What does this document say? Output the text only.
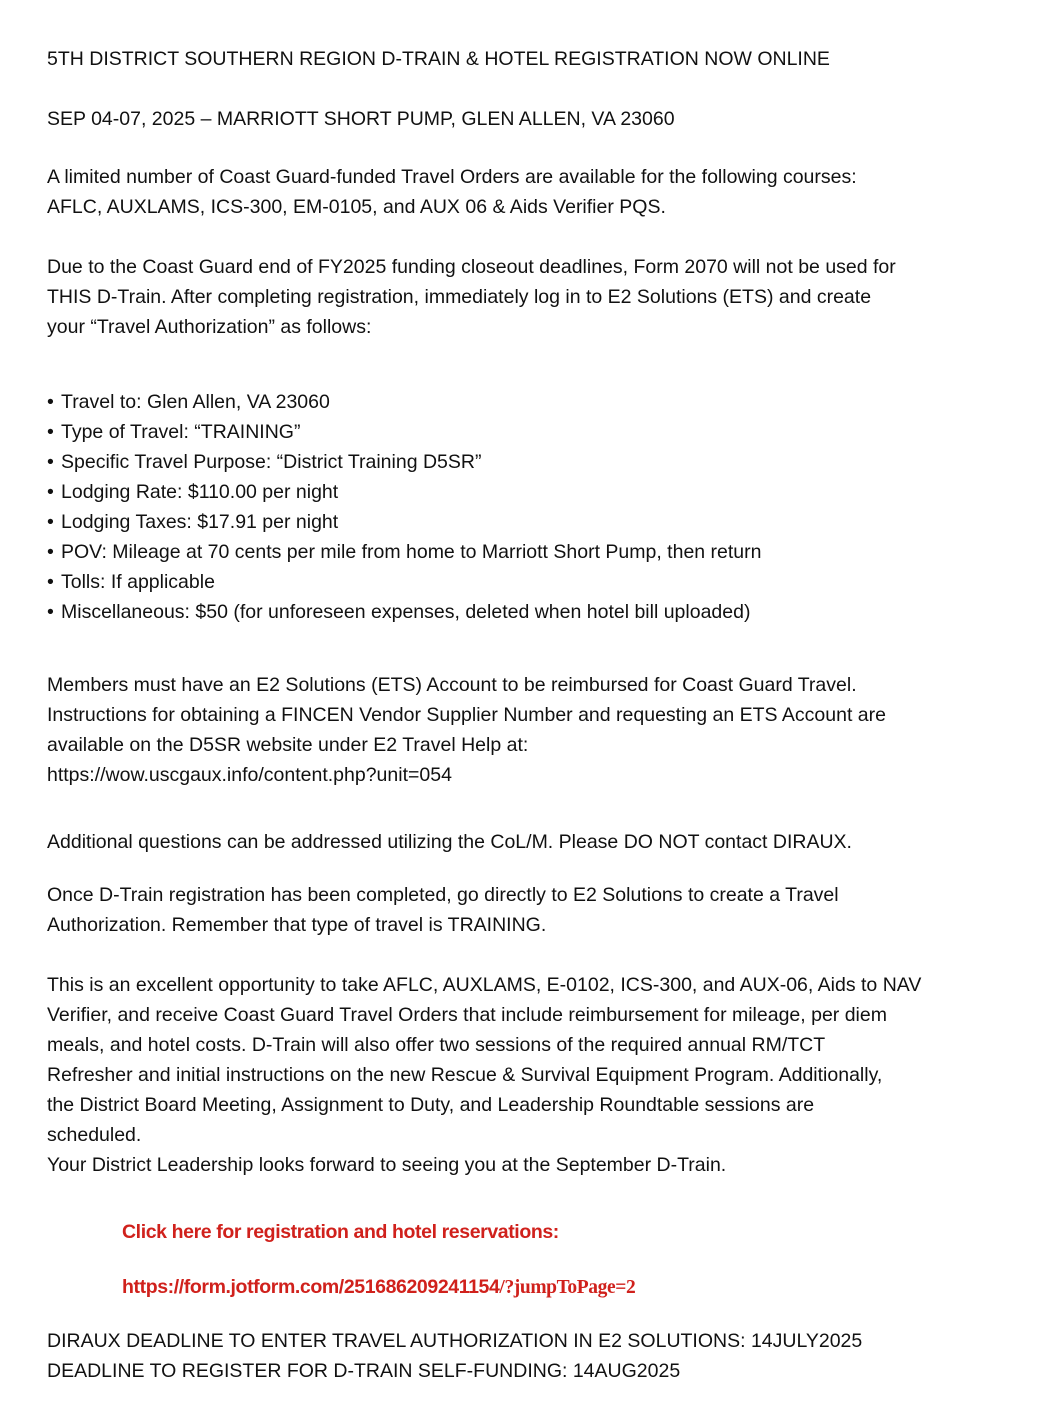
5TH DISTRICT SOUTHERN REGION D-TRAIN & HOTEL REGISTRATION NOW ONLINE

SEP 04-07, 2025 – MARRIOTT SHORT PUMP, GLEN ALLEN, VA 23060

A limited number of Coast Guard-funded Travel Orders are available for the following courses:
AFLC, AUXLAMS, ICS-300, EM-0105, and AUX 06 & Aids Verifier PQS.

Due to the Coast Guard end of FY2025 funding closeout deadlines, Form 2070 will not be used for
THIS D-Train. After completing registration, immediately log in to E2 Solutions (ETS) and create
your “Travel Authorization” as follows:

• Travel to: Glen Allen, VA 23060
• Type of Travel: “TRAINING”
• Specific Travel Purpose: “District Training D5SR”
• Lodging Rate: $110.00 per night
• Lodging Taxes: $17.91 per night
• POV: Mileage at 70 cents per mile from home to Marriott Short Pump, then return
• Tolls: If applicable
• Miscellaneous: $50 (for unforeseen expenses, deleted when hotel bill uploaded)

Members must have an E2 Solutions (ETS) Account to be reimbursed for Coast Guard Travel.
Instructions for obtaining a FINCEN Vendor Supplier Number and requesting an ETS Account are
available on the D5SR website under E2 Travel Help at:
https://wow.uscgaux.info/content.php?unit=054

Additional questions can be addressed utilizing the CoL/M. Please DO NOT contact DIRAUX.

Once D-Train registration has been completed, go directly to E2 Solutions to create a Travel
Authorization. Remember that type of travel is TRAINING.

This is an excellent opportunity to take AFLC, AUXLAMS, E-0102, ICS-300, and AUX-06, Aids to NAV
Verifier, and receive Coast Guard Travel Orders that include reimbursement for mileage, per diem
meals, and hotel costs. D-Train will also offer two sessions of the required annual RM/TCT
Refresher and initial instructions on the new Rescue & Survival Equipment Program. Additionally,
the District Board Meeting, Assignment to Duty, and Leadership Roundtable sessions are
scheduled.
Your District Leadership looks forward to seeing you at the September D-Train.

Click here for registration and hotel reservations:
https://form.jotform.com/251686209241154/?jumpToPage=2

DIRAUX DEADLINE TO ENTER TRAVEL AUTHORIZATION IN E2 SOLUTIONS: 14JULY2025
DEADLINE TO REGISTER FOR D-TRAIN SELF-FUNDING: 14AUG2025
